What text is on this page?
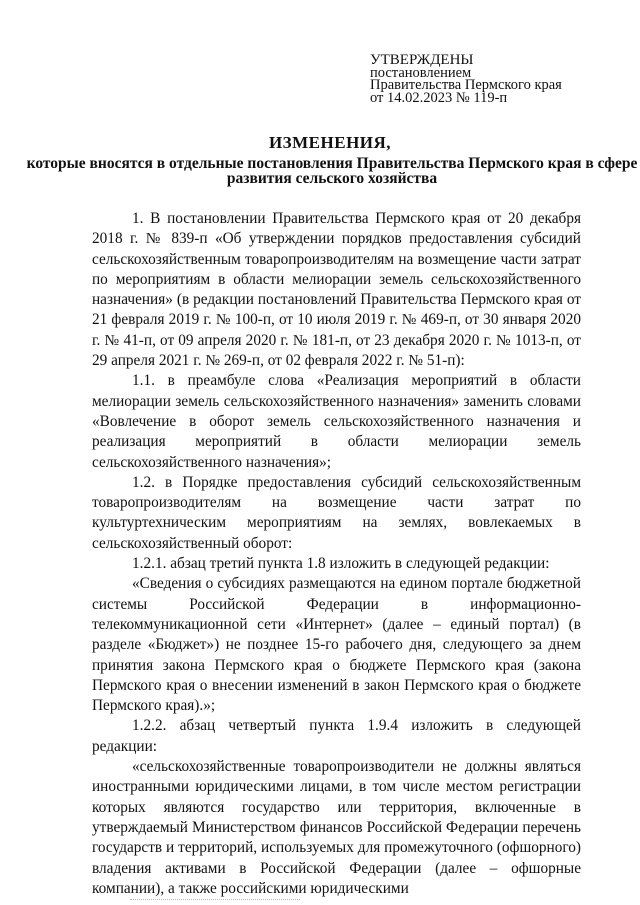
УТВЕРЖДЕНЫ
постановлением
Правительства Пермского края
от 14.02.2023 № 119-п
ИЗМЕНЕНИЯ,
которые вносятся в отдельные постановления Правительства Пермского края в сфере развития сельского хозяйства

1. В постановлении Правительства Пермского края от 20 декабря 2018 г. № 839-п «Об утверждении порядков предоставления субсидий сельскохозяйственным товаропроизводителям на возмещение части затрат по мероприятиям в области мелиорации земель сельскохозяйственного назначения» (в редакции постановлений Правительства Пермского края от 21 февраля 2019 г. № 100-п, от 10 июля 2019 г. № 469-п, от 30 января 2020 г. № 41-п, от 09 апреля 2020 г. № 181-п, от 23 декабря 2020 г. № 1013-п, от 29 апреля 2021 г. № 269-п, от 02 февраля 2022 г. № 51-п):

1.1. в преамбуле слова «Реализация мероприятий в области мелиорации земель сельскохозяйственного назначения» заменить словами «Вовлечение в оборот земель сельскохозяйственного назначения и реализация мероприятий в области мелиорации земель сельскохозяйственного назначения»;

1.2. в Порядке предоставления субсидий сельскохозяйственным товаропроизводителям на возмещение части затрат по культуртехническим мероприятиям на землях, вовлекаемых в сельскохозяйственный оборот:

1.2.1. абзац третий пункта 1.8 изложить в следующей редакции:

«Сведения о субсидиях размещаются на едином портале бюджетной системы Российской Федерации в информационно-телекоммуникационной сети «Интернет» (далее – единый портал) (в разделе «Бюджет») не позднее 15-го рабочего дня, следующего за днем принятия закона Пермского края о бюджете Пермского края (закона Пермского края о внесении изменений в закон Пермского края о бюджете Пермского края).»;

1.2.2. абзац четвертый пункта 1.9.4 изложить в следующей редакции:

«сельскохозяйственные товаропроизводители не должны являться иностранными юридическими лицами, в том числе местом регистрации которых являются государство или территория, включенные в утверждаемый Министерством финансов Российской Федерации перечень государств и территорий, используемых для промежуточного (офшорного) владения активами в Российской Федерации (далее – офшорные компании), а также российскими юридическими
